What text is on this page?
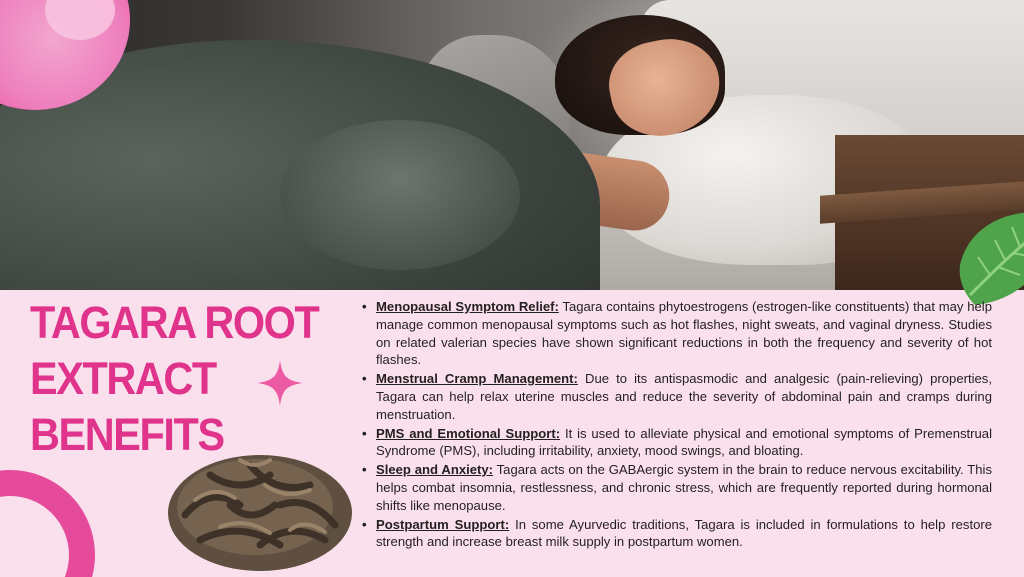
TAGARA ROOT
EXTRACT
BENEFITS
• Menopausal Symptom Relief: Tagara contains phytoestrogens (estrogen-like constituents) that may help manage common menopausal symptoms such as hot flashes, night sweats, and vaginal dryness. Studies on related valerian species have shown significant reductions in both the frequency and severity of hot flashes.
• Menstrual Cramp Management: Due to its antispasmodic and analgesic (pain-relieving) properties, Tagara can help relax uterine muscles and reduce the severity of abdominal pain and cramps during menstruation.
• PMS and Emotional Support: It is used to alleviate physical and emotional symptoms of Premenstrual Syndrome (PMS), including irritability, anxiety, mood swings, and bloating.
• Sleep and Anxiety: Tagara acts on the GABAergic system in the brain to reduce nervous excitability. This helps combat insomnia, restlessness, and chronic stress, which are frequently reported during hormonal shifts like menopause.
• Postpartum Support: In some Ayurvedic traditions, Tagara is included in formulations to help restore strength and increase breast milk supply in postpartum women.
